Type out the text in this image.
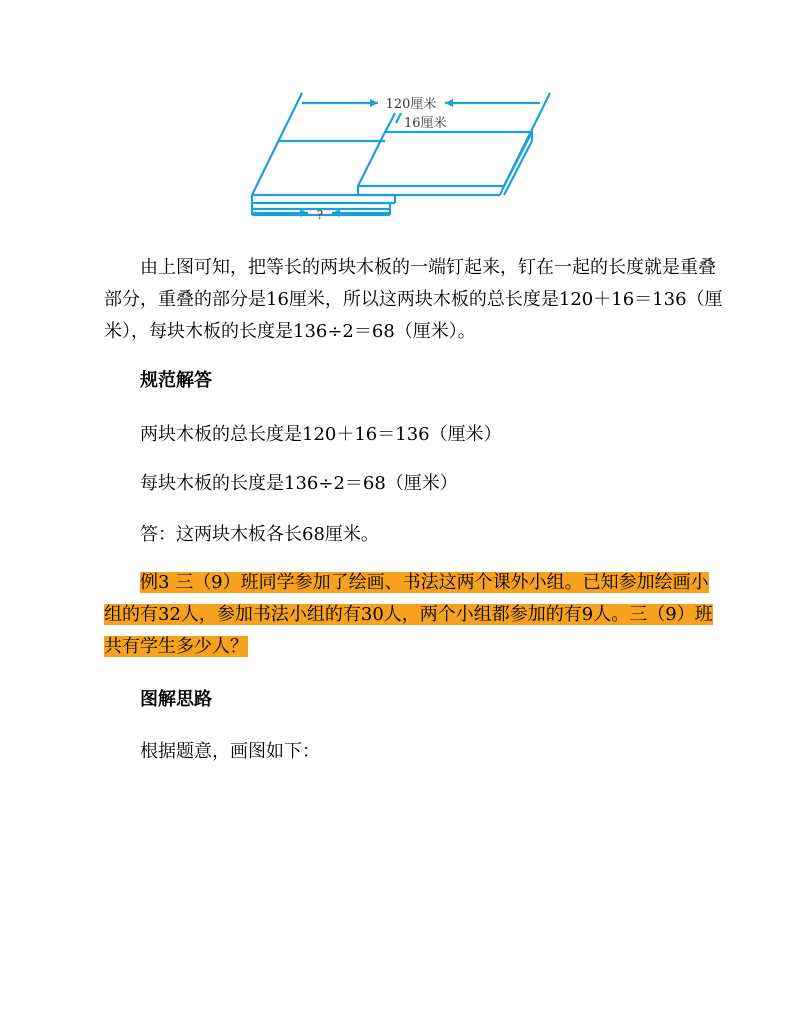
120厘米
16厘米
?

由上图可知，把等长的两块木板的一端钉起来，钉在一起的长度就是重叠部分，重叠的部分是16厘米，所以这两块木板的总长度是120＋16＝136（厘米），每块木板的长度是136÷2＝68（厘米）。

规范解答
两块木板的总长度是120＋16＝136（厘米）
每块木板的长度是136÷2＝68（厘米）
答：这两块木板各长68厘米。

例3 三（9）班同学参加了绘画、书法这两个课外小组。已知参加绘画小组的有32人，参加书法小组的有30人，两个小组都参加的有9人。三（9）班共有学生多少人？

图解思路
根据题意，画图如下：
